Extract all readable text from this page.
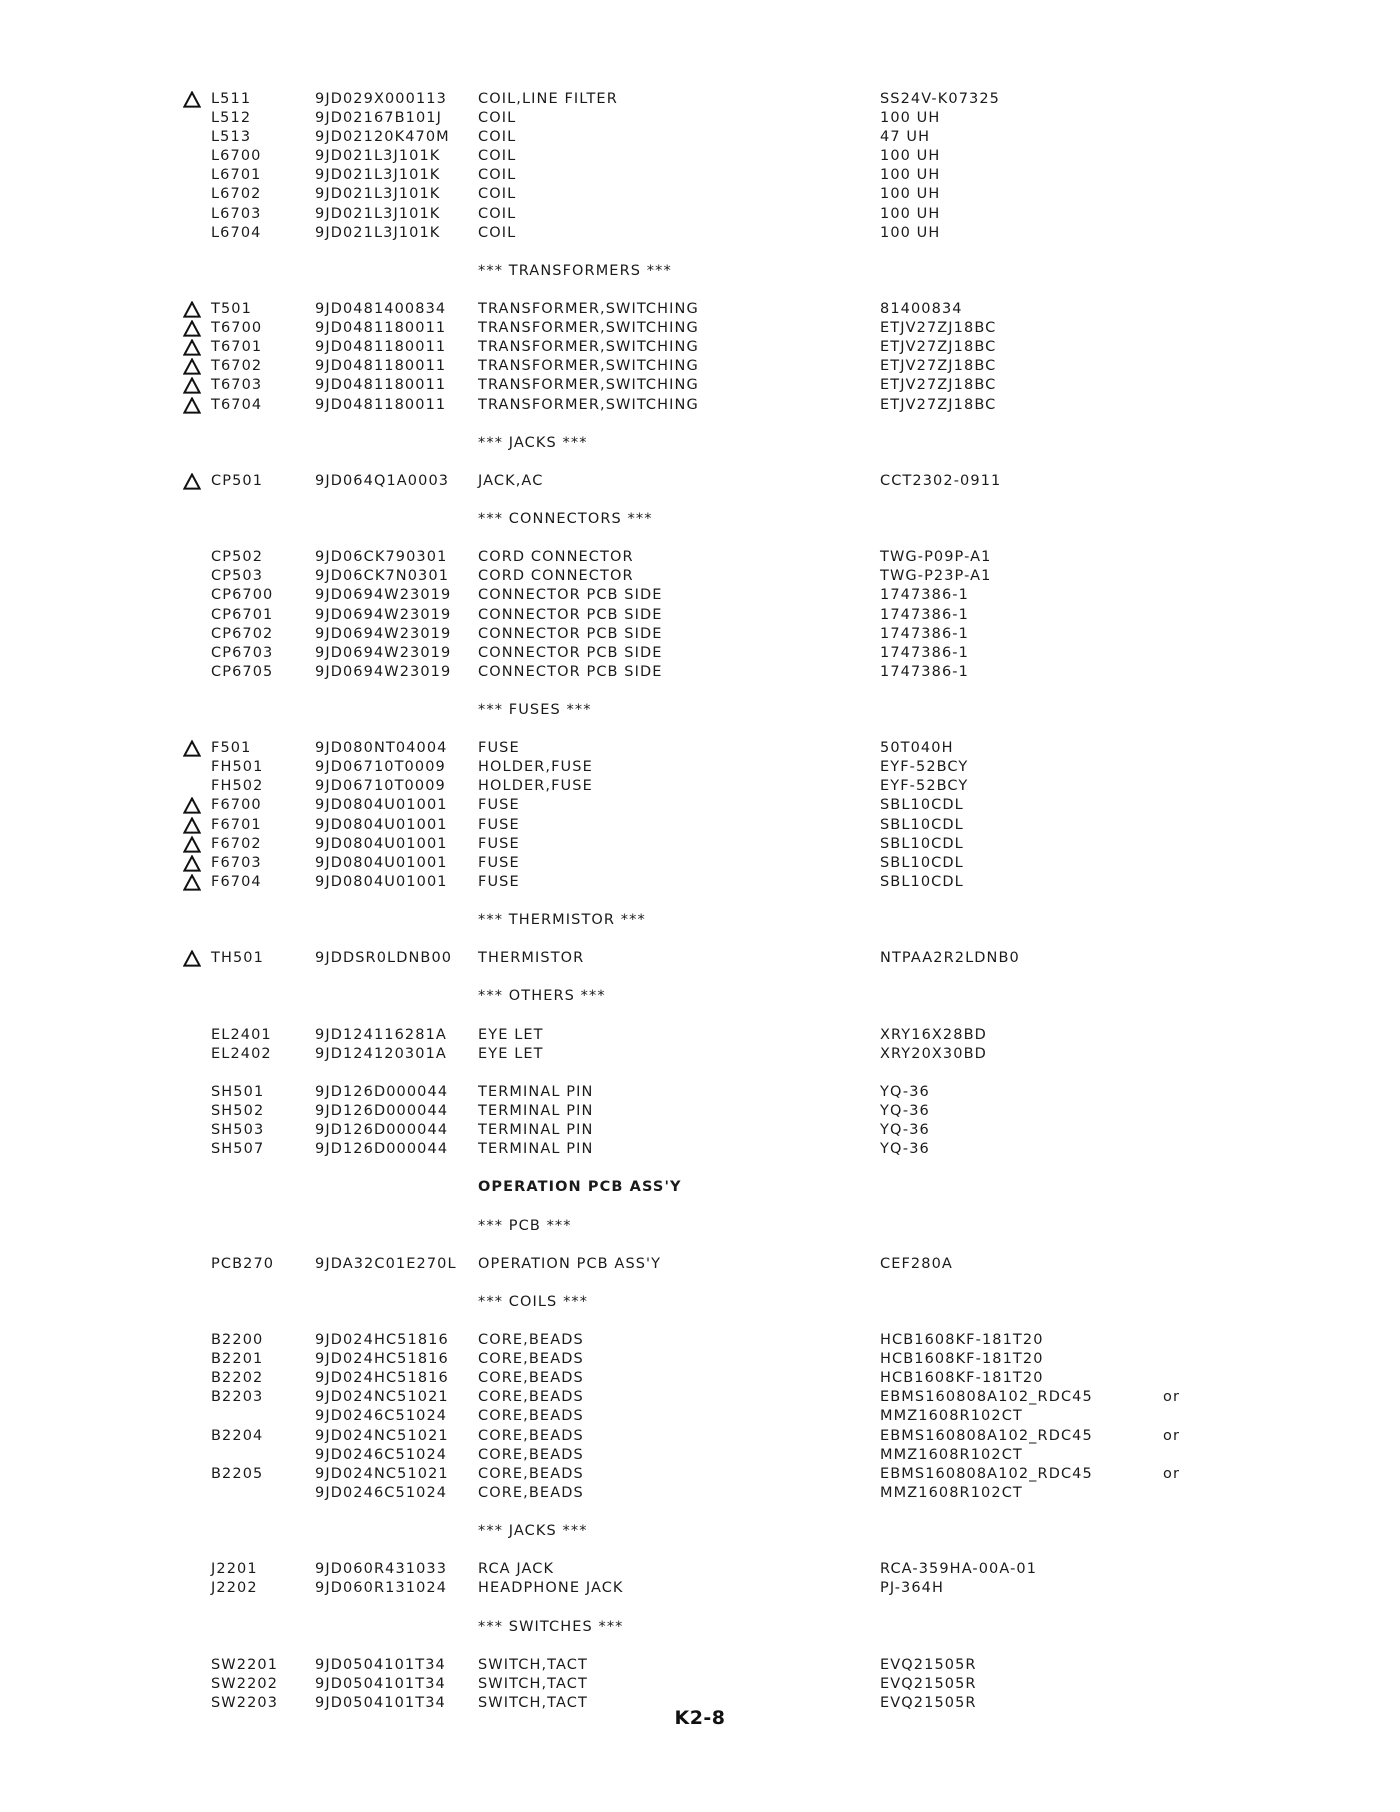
L511	9JD029X000113 COIL,LINE FILTER	SS24V-K07325
L512	9JD02167B101J COIL	100 UH
L513	9JD02120K470M COIL	47 UH
L6700	9JD021L3J101K	COIL	100 UH
L6701	9JD021L3J101K	COIL	100 UH
L6702	9JD021L3J101K	COIL	100 UH
L6703	9JD021L3J101K	COIL	100 UH
L6704	9JD021L3J101K	COIL	100 UH
*** TRANSFORMERS ***
T501	9JD0481400834 TRANSFORMER,SWITCHING	81400834
T6700	9JD0481180011 TRANSFORMER,SWITCHING	ETJV27ZJ18BC
T6701	9JD0481180011 TRANSFORMER,SWITCHING	ETJV27ZJ18BC
T6702	9JD0481180011 TRANSFORMER,SWITCHING	ETJV27ZJ18BC
T6703	9JD0481180011 TRANSFORMER,SWITCHING	ETJV27ZJ18BC
T6704	9JD0481180011 TRANSFORMER,SWITCHING	ETJV27ZJ18BC
*** JACKS ***
CP501	9JD064Q1A0003 JACK,AC	CCT2302-0911
*** CONNECTORS ***
CP502	9JD06CK790301 CORD CONNECTOR	TWG-P09P-A1
CP503	9JD06CK7N0301 CORD CONNECTOR	TWG-P23P-A1
CP6700	9JD0694W23019 CONNECTOR PCB SIDE	1747386-1
CP6701	9JD0694W23019 CONNECTOR PCB SIDE	1747386-1
CP6702	9JD0694W23019 CONNECTOR PCB SIDE	1747386-1
CP6703	9JD0694W23019 CONNECTOR PCB SIDE	1747386-1
CP6705	9JD0694W23019 CONNECTOR PCB SIDE	1747386-1
*** FUSES ***
F501	9JD080NT04004 FUSE	50T040H
FH501	9JD06710T0009 HOLDER,FUSE	EYF-52BCY
FH502	9JD06710T0009 HOLDER,FUSE	EYF-52BCY
F6700	9JD0804U01001 FUSE	SBL10CDL
F6701	9JD0804U01001 FUSE	SBL10CDL
F6702	9JD0804U01001 FUSE	SBL10CDL
F6703	9JD0804U01001 FUSE	SBL10CDL
F6704	9JD0804U01001 FUSE	SBL10CDL
*** THERMISTOR ***
TH501	9JDDSR0LDNB00 THERMISTOR	NTPAA2R2LDNB0
*** OTHERS ***
EL2401	9JD124116281A EYE LET	XRY16X28BD
EL2402	9JD124120301A EYE LET	XRY20X30BD
SH501	9JD126D000044 TERMINAL PIN	YQ-36
SH502	9JD126D000044 TERMINAL PIN	YQ-36
SH503	9JD126D000044 TERMINAL PIN	YQ-36
SH507	9JD126D000044 TERMINAL PIN	YQ-36
OPERATION PCB ASS'Y
*** PCB ***
PCB270	9JDA32C01E270L OPERATION PCB ASS'Y	CEF280A
*** COILS ***
B2200	9JD024HC51816 CORE,BEADS	HCB1608KF-181T20
B2201	9JD024HC51816 CORE,BEADS	HCB1608KF-181T20
B2202	9JD024HC51816 CORE,BEADS	HCB1608KF-181T20
B2203	9JD024NC51021 CORE,BEADS	EBMS160808A102_RDC45	or
9JD0246C51024 CORE,BEADS	MMZ1608R102CT
B2204	9JD024NC51021 CORE,BEADS	EBMS160808A102_RDC45	or
9JD0246C51024 CORE,BEADS	MMZ1608R102CT
B2205	9JD024NC51021 CORE,BEADS	EBMS160808A102_RDC45	or
9JD0246C51024 CORE,BEADS	MMZ1608R102CT
*** JACKS ***
J2201	9JD060R431033 RCA JACK	RCA-359HA-00A-01
J2202	9JD060R131024 HEADPHONE JACK	PJ-364H
*** SWITCHES ***
SW2201	9JD0504101T34 SWITCH,TACT	EVQ21505R
SW2202	9JD0504101T34 SWITCH,TACT	EVQ21505R
SW2203	9JD0504101T34 SWITCH,TACT	EVQ21505R
K2-8
